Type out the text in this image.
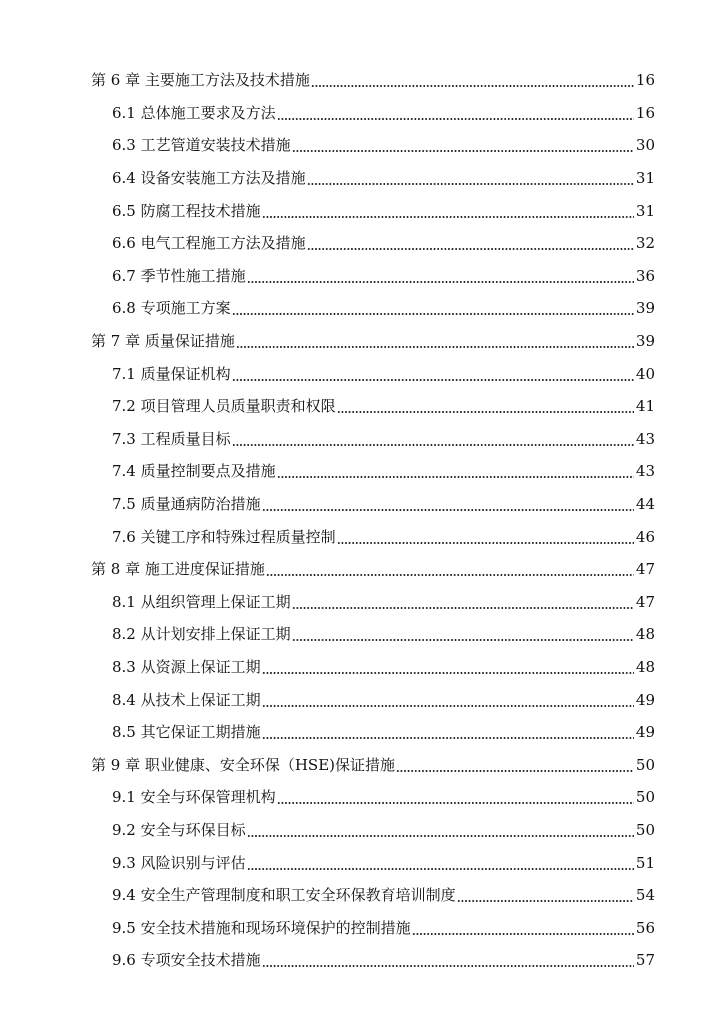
第 6 章 主要施工方法及技术措施	16
6.1 总体施工要求及方法	16
6.3 工艺管道安装技术措施	30
6.4 设备安装施工方法及措施	31
6.5 防腐工程技术措施	31
6.6 电气工程施工方法及措施	32
6.7 季节性施工措施	36
6.8 专项施工方案	39
第 7 章 质量保证措施	39
7.1 质量保证机构	40
7.2 项目管理人员质量职责和权限	41
7.3 工程质量目标	43
7.4 质量控制要点及措施	43
7.5 质量通病防治措施	44
7.6 关键工序和特殊过程质量控制	46
第 8 章 施工进度保证措施	47
8.1 从组织管理上保证工期	47
8.2 从计划安排上保证工期	48
8.3 从资源上保证工期	48
8.4 从技术上保证工期	49
8.5 其它保证工期措施	49
第 9 章 职业健康、安全环保（HSE)保证措施	50
9.1 安全与环保管理机构	50
9.2 安全与环保目标	50
9.3 风险识别与评估	51
9.4 安全生产管理制度和职工安全环保教育培训制度	54
9.5 安全技术措施和现场环境保护的控制措施	56
9.6 专项安全技术措施	57
